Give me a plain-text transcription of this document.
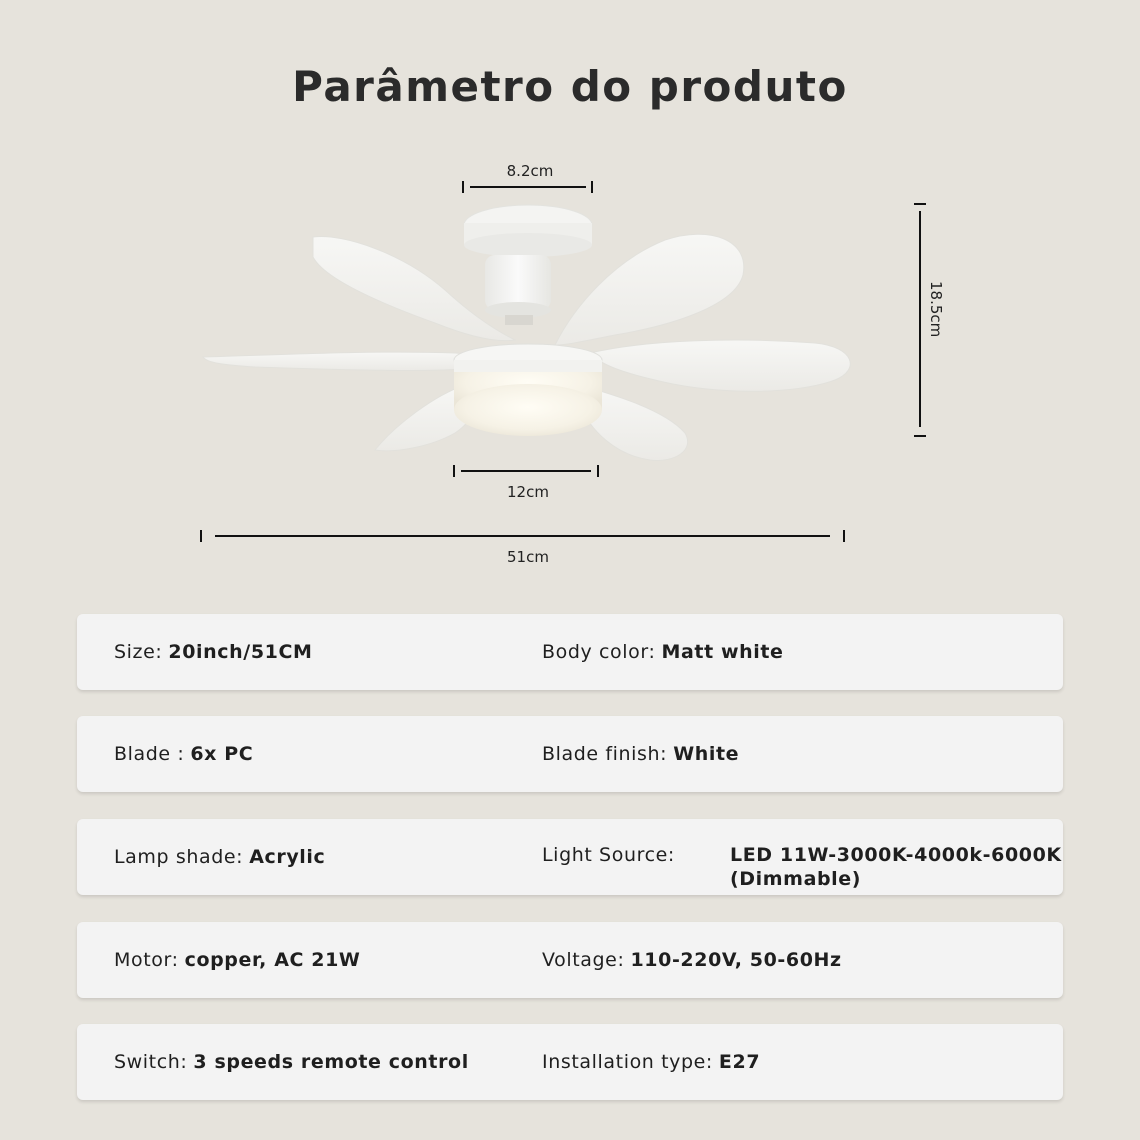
Parâmetro do produto
8.2cm
18.5cm
12cm
51cm
Size: 20inch/51CM	Body color: Matt white
Blade : 6x PC	Blade finish: White
Lamp shade: Acrylic	Light Source:	LED 11W-3000K-4000k-6000K
(Dimmable)
Motor: copper, AC 21W	Voltage: 110-220V, 50-60Hz
Switch: 3 speeds remote control	Installation type: E27
